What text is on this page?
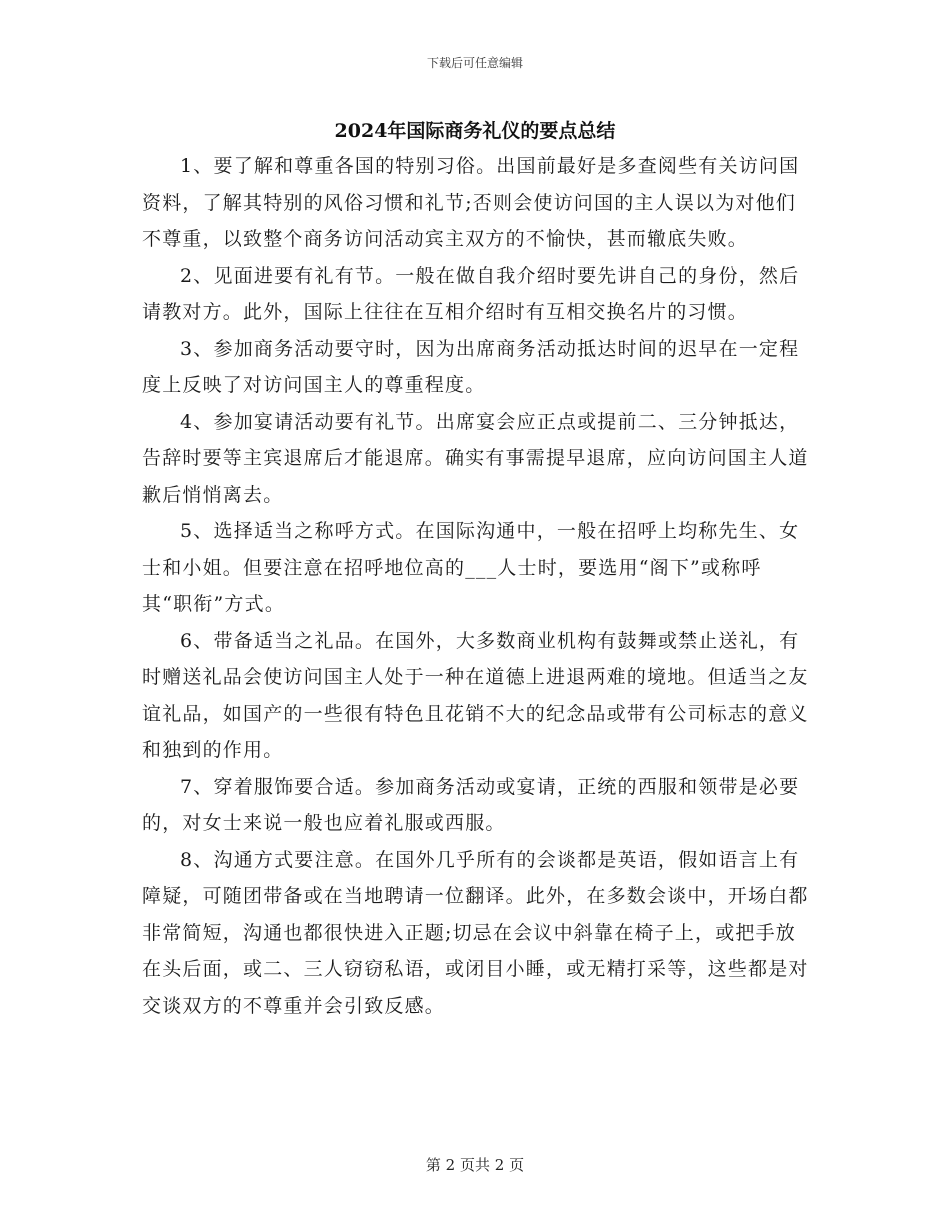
下载后可任意编辑
2024年国际商务礼仪的要点总结

1、要了解和尊重各国的特别习俗。出国前最好是多查阅些有关访问国资料，了解其特别的风俗习惯和礼节;否则会使访问国的主人误以为对他们不尊重，以致整个商务访问活动宾主双方的不愉快，甚而辙底失败。

2、见面进要有礼有节。一般在做自我介绍时要先讲自己的身份，然后请教对方。此外，国际上往往在互相介绍时有互相交换名片的习惯。

3、参加商务活动要守时，因为出席商务活动抵达时间的迟早在一定程度上反映了对访问国主人的尊重程度。

4、参加宴请活动要有礼节。出席宴会应正点或提前二、三分钟抵达，告辞时要等主宾退席后才能退席。确实有事需提早退席，应向访问国主人道歉后悄悄离去。

5、选择适当之称呼方式。在国际沟通中，一般在招呼上均称先生、女士和小姐。但要注意在招呼地位高的___人士时，要选用“阁下”或称呼其“职衔”方式。

6、带备适当之礼品。在国外，大多数商业机构有鼓舞或禁止送礼，有时赠送礼品会使访问国主人处于一种在道德上进退两难的境地。但适当之友谊礼品，如国产的一些很有特色且花销不大的纪念品或带有公司标志的意义和独到的作用。

7、穿着服饰要合适。参加商务活动或宴请，正统的西服和领带是必要的，对女士来说一般也应着礼服或西服。

8、沟通方式要注意。在国外几乎所有的会谈都是英语，假如语言上有障疑，可随团带备或在当地聘请一位翻译。此外，在多数会谈中，开场白都非常简短，沟通也都很快进入正题;切忌在会议中斜靠在椅子上，或把手放在头后面，或二、三人窃窃私语，或闭目小睡，或无精打采等，这些都是对交谈双方的不尊重并会引致反感。

第 2 页共 2 页
